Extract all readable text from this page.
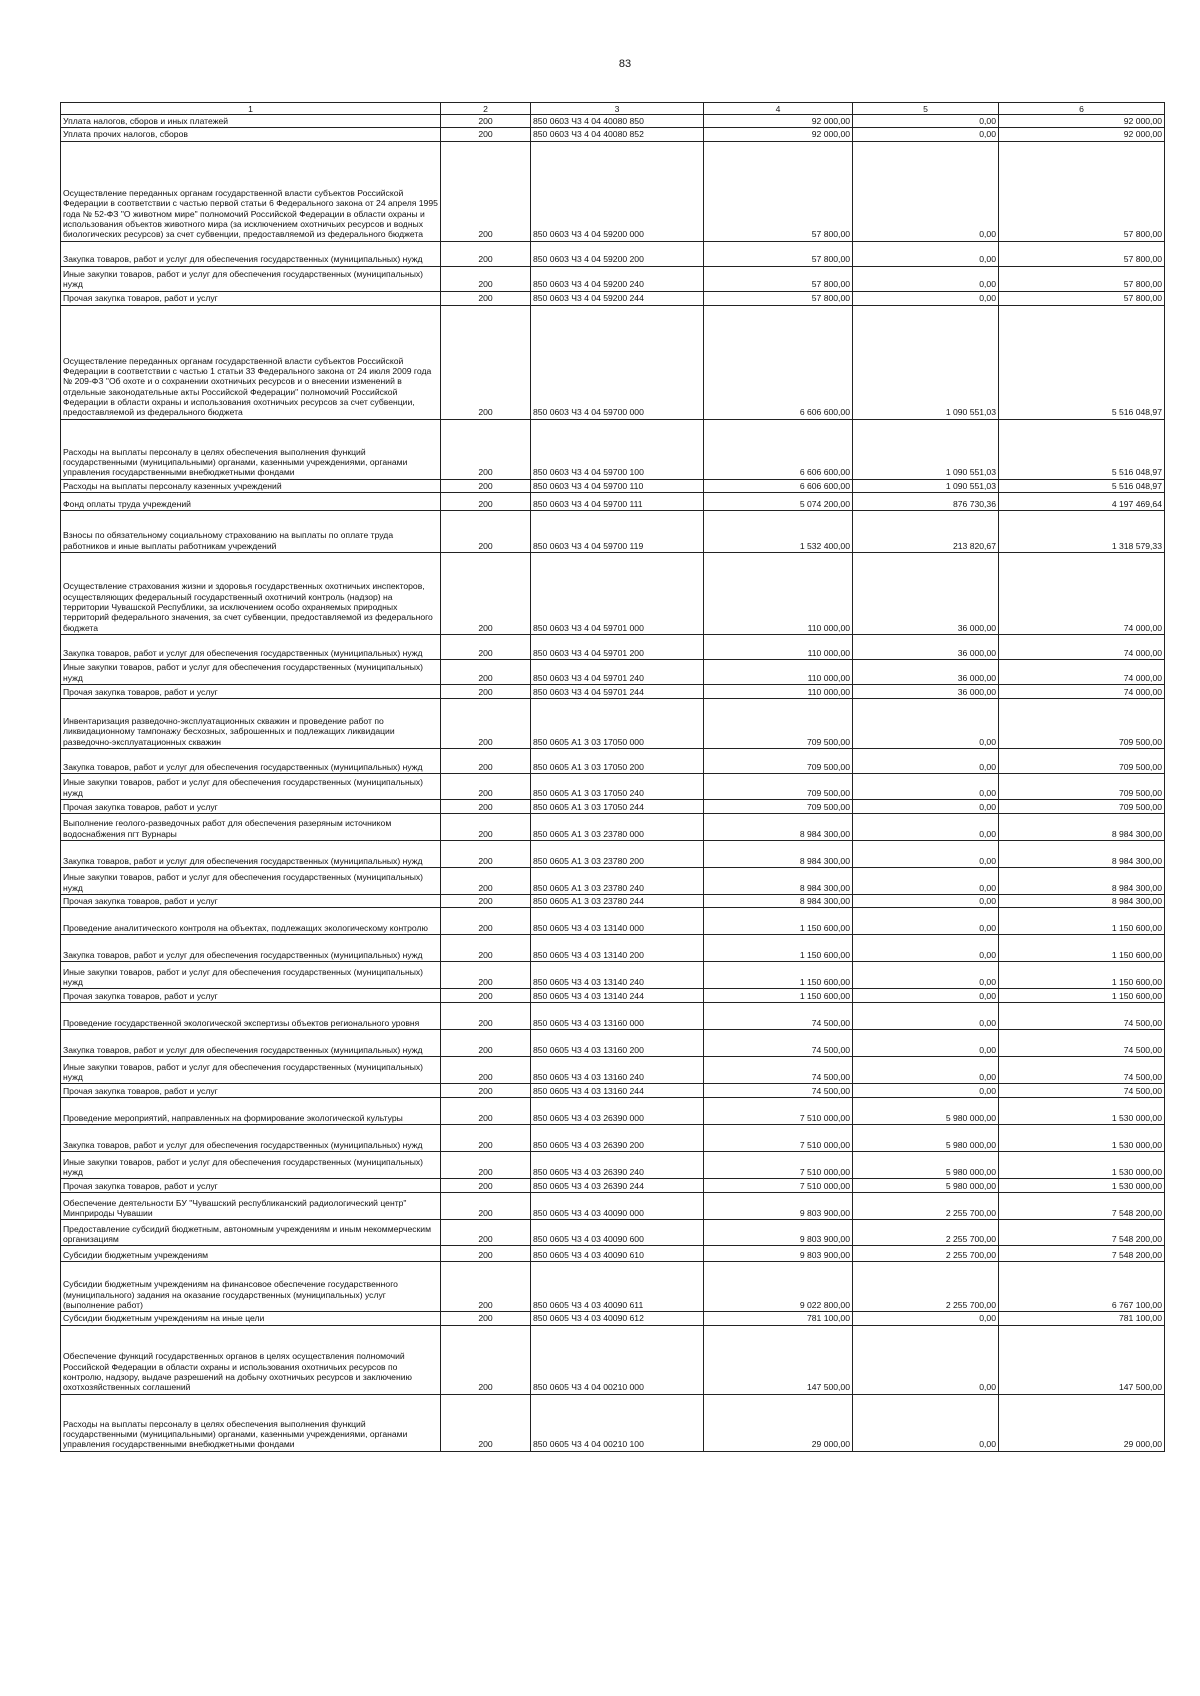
83
1	2	3	4	5	6
Уплата налогов, сборов и иных платежей	200	850 0603 Ч3 4 04 40080 850	92 000,00	0,00	92 000,00
Уплата прочих налогов, сборов	200	850 0603 Ч3 4 04 40080 852	92 000,00	0,00	92 000,00
Осуществление переданных органам государственной власти субъектов Российской Федерации в соответствии с частью первой статьи 6 Федерального закона от 24 апреля 1995 года № 52-ФЗ "О животном мире" полномочий Российской Федерации в области охраны и использования объектов животного мира (за исключением охотничьих ресурсов и водных биологических ресурсов) за счет субвенции, предоставляемой из федерального бюджета	200	850 0603 Ч3 4 04 59200 000	57 800,00	0,00	57 800,00
Закупка товаров, работ и услуг для обеспечения государственных (муниципальных) нужд	200	850 0603 Ч3 4 04 59200 200	57 800,00	0,00	57 800,00
Иные закупки товаров, работ и услуг для обеспечения государственных (муниципальных) нужд	200	850 0603 Ч3 4 04 59200 240	57 800,00	0,00	57 800,00
Прочая закупка товаров, работ и услуг	200	850 0603 Ч3 4 04 59200 244	57 800,00	0,00	57 800,00
Осуществление переданных органам государственной власти субъектов Российской Федерации в соответствии с частью 1 статьи 33 Федерального закона от 24 июля 2009 года № 209-ФЗ "Об охоте и о сохранении охотничьих ресурсов и о внесении изменений в отдельные законодательные акты Российской Федерации" полномочий Российской Федерации в области охраны и использования охотничьих ресурсов за счет субвенции, предоставляемой из федерального бюджета	200	850 0603 Ч3 4 04 59700 000	6 606 600,00	1 090 551,03	5 516 048,97
Расходы на выплаты персоналу в целях обеспечения выполнения функций государственными (муниципальными) органами, казенными учреждениями, органами управления государственными внебюджетными фондами	200	850 0603 Ч3 4 04 59700 100	6 606 600,00	1 090 551,03	5 516 048,97
Расходы на выплаты персоналу казенных учреждений	200	850 0603 Ч3 4 04 59700 110	6 606 600,00	1 090 551,03	5 516 048,97
Фонд оплаты труда учреждений	200	850 0603 Ч3 4 04 59700 111	5 074 200,00	876 730,36	4 197 469,64
Взносы по обязательному социальному страхованию на выплаты по оплате труда работников и иные выплаты работникам учреждений	200	850 0603 Ч3 4 04 59700 119	1 532 400,00	213 820,67	1 318 579,33
Осуществление страхования жизни и здоровья государственных охотничьих инспекторов, осуществляющих федеральный государственный охотничий контроль (надзор) на территории Чувашской Республики, за исключением особо охраняемых природных территорий федерального значения, за счет субвенции, предоставляемой из федерального бюджета	200	850 0603 Ч3 4 04 59701 000	110 000,00	36 000,00	74 000,00
Закупка товаров, работ и услуг для обеспечения государственных (муниципальных) нужд	200	850 0603 Ч3 4 04 59701 200	110 000,00	36 000,00	74 000,00
Иные закупки товаров, работ и услуг для обеспечения государственных (муниципальных) нужд	200	850 0603 Ч3 4 04 59701 240	110 000,00	36 000,00	74 000,00
Прочая закупка товаров, работ и услуг	200	850 0603 Ч3 4 04 59701 244	110 000,00	36 000,00	74 000,00
Инвентаризация разведочно-эксплуатационных скважин и проведение работ по ликвидационному тампонажу бесхозных, заброшенных и подлежащих ликвидации разведочно-эксплуатационных скважин	200	850 0605 А1 3 03 17050 000	709 500,00	0,00	709 500,00
Закупка товаров, работ и услуг для обеспечения государственных (муниципальных) нужд	200	850 0605 А1 3 03 17050 200	709 500,00	0,00	709 500,00
Иные закупки товаров, работ и услуг для обеспечения государственных (муниципальных) нужд	200	850 0605 А1 3 03 17050 240	709 500,00	0,00	709 500,00
Прочая закупка товаров, работ и услуг	200	850 0605 А1 3 03 17050 244	709 500,00	0,00	709 500,00
Выполнение геолого-разведочных работ для обеспечения разеряным источником водоснабжения пгт Вурнары	200	850 0605 А1 3 03 23780 000	8 984 300,00	0,00	8 984 300,00
Закупка товаров, работ и услуг для обеспечения государственных (муниципальных) нужд	200	850 0605 А1 3 03 23780 200	8 984 300,00	0,00	8 984 300,00
Иные закупки товаров, работ и услуг для обеспечения государственных (муниципальных) нужд	200	850 0605 А1 3 03 23780 240	8 984 300,00	0,00	8 984 300,00
Прочая закупка товаров, работ и услуг	200	850 0605 А1 3 03 23780 244	8 984 300,00	0,00	8 984 300,00
Проведение аналитического контроля на объектах, подлежащих экологическому контролю	200	850 0605 Ч3 4 03 13140 000	1 150 600,00	0,00	1 150 600,00
Закупка товаров, работ и услуг для обеспечения государственных (муниципальных) нужд	200	850 0605 Ч3 4 03 13140 200	1 150 600,00	0,00	1 150 600,00
Иные закупки товаров, работ и услуг для обеспечения государственных (муниципальных) нужд	200	850 0605 Ч3 4 03 13140 240	1 150 600,00	0,00	1 150 600,00
Прочая закупка товаров, работ и услуг	200	850 0605 Ч3 4 03 13140 244	1 150 600,00	0,00	1 150 600,00
Проведение государственной экологической экспертизы объектов регионального уровня	200	850 0605 Ч3 4 03 13160 000	74 500,00	0,00	74 500,00
Закупка товаров, работ и услуг для обеспечения государственных (муниципальных) нужд	200	850 0605 Ч3 4 03 13160 200	74 500,00	0,00	74 500,00
Иные закупки товаров, работ и услуг для обеспечения государственных (муниципальных) нужд	200	850 0605 Ч3 4 03 13160 240	74 500,00	0,00	74 500,00
Прочая закупка товаров, работ и услуг	200	850 0605 Ч3 4 03 13160 244	74 500,00	0,00	74 500,00
Проведение мероприятий, направленных на формирование экологической культуры	200	850 0605 Ч3 4 03 26390 000	7 510 000,00	5 980 000,00	1 530 000,00
Закупка товаров, работ и услуг для обеспечения государственных (муниципальных) нужд	200	850 0605 Ч3 4 03 26390 200	7 510 000,00	5 980 000,00	1 530 000,00
Иные закупки товаров, работ и услуг для обеспечения государственных (муниципальных) нужд	200	850 0605 Ч3 4 03 26390 240	7 510 000,00	5 980 000,00	1 530 000,00
Прочая закупка товаров, работ и услуг	200	850 0605 Ч3 4 03 26390 244	7 510 000,00	5 980 000,00	1 530 000,00
Обеспечение деятельности БУ "Чувашский республиканский радиологический центр" Минприроды Чувашии	200	850 0605 Ч3 4 03 40090 000	9 803 900,00	2 255 700,00	7 548 200,00
Предоставление субсидий бюджетным, автономным учреждениям и иным некоммерческим организациям	200	850 0605 Ч3 4 03 40090 600	9 803 900,00	2 255 700,00	7 548 200,00
Субсидии бюджетным учреждениям	200	850 0605 Ч3 4 03 40090 610	9 803 900,00	2 255 700,00	7 548 200,00
Субсидии бюджетным учреждениям на финансовое обеспечение государственного (муниципального) задания на оказание государственных (муниципальных) услуг (выполнение работ)	200	850 0605 Ч3 4 03 40090 611	9 022 800,00	2 255 700,00	6 767 100,00
Субсидии бюджетным учреждениям на иные цели	200	850 0605 Ч3 4 03 40090 612	781 100,00	0,00	781 100,00
Обеспечение функций государственных органов в целях осуществления полномочий Российской Федерации в области охраны и использования охотничьих ресурсов по контролю, надзору, выдаче разрешений на добычу охотничьих ресурсов и заключению охотхозяйственных соглашений	200	850 0605 Ч3 4 04 00210 000	147 500,00	0,00	147 500,00
Расходы на выплаты персоналу в целях обеспечения выполнения функций государственными (муниципальными) органами, казенными учреждениями, органами управления государственными внебюджетными фондами	200	850 0605 Ч3 4 04 00210 100	29 000,00	0,00	29 000,00
